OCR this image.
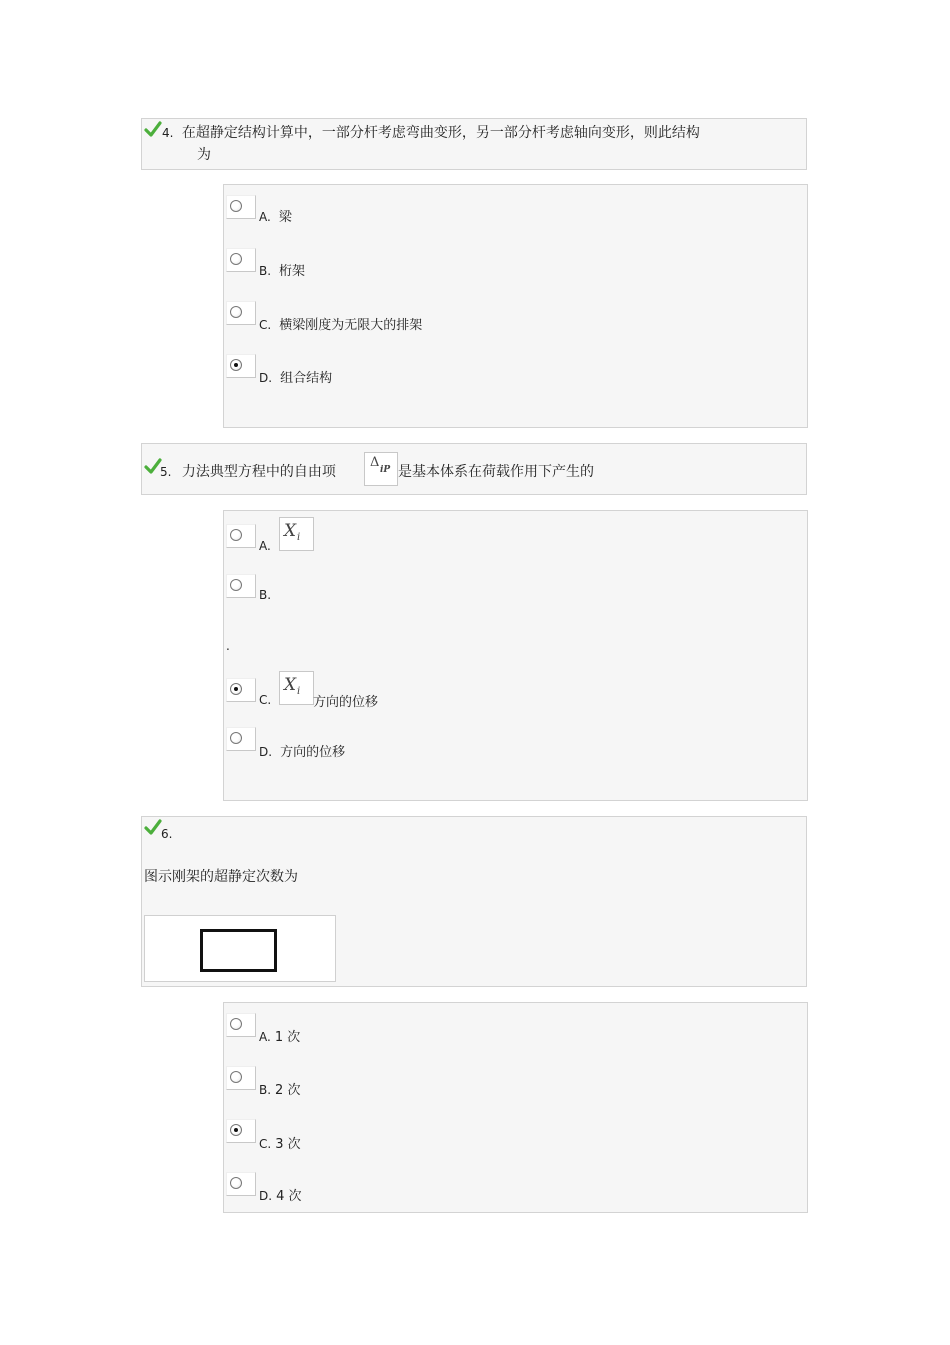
4. 在超静定结构计算中，一部分杆考虑弯曲变形，另一部分杆考虑轴向变形，则此结构
为
A. 梁
B. 桁架
C. 横梁刚度为无限大的排架
D. 组合结构
5. 力法典型方程中的自由项
Δ iP 是基本体系在荷载作用下产生的
A.
X i
B.
.
C.
X i
方向的位移
D. 方向的位移
6.
图示刚架的超静定次数为
A. 1 次
B. 2 次
C. 3 次
D. 4 次
